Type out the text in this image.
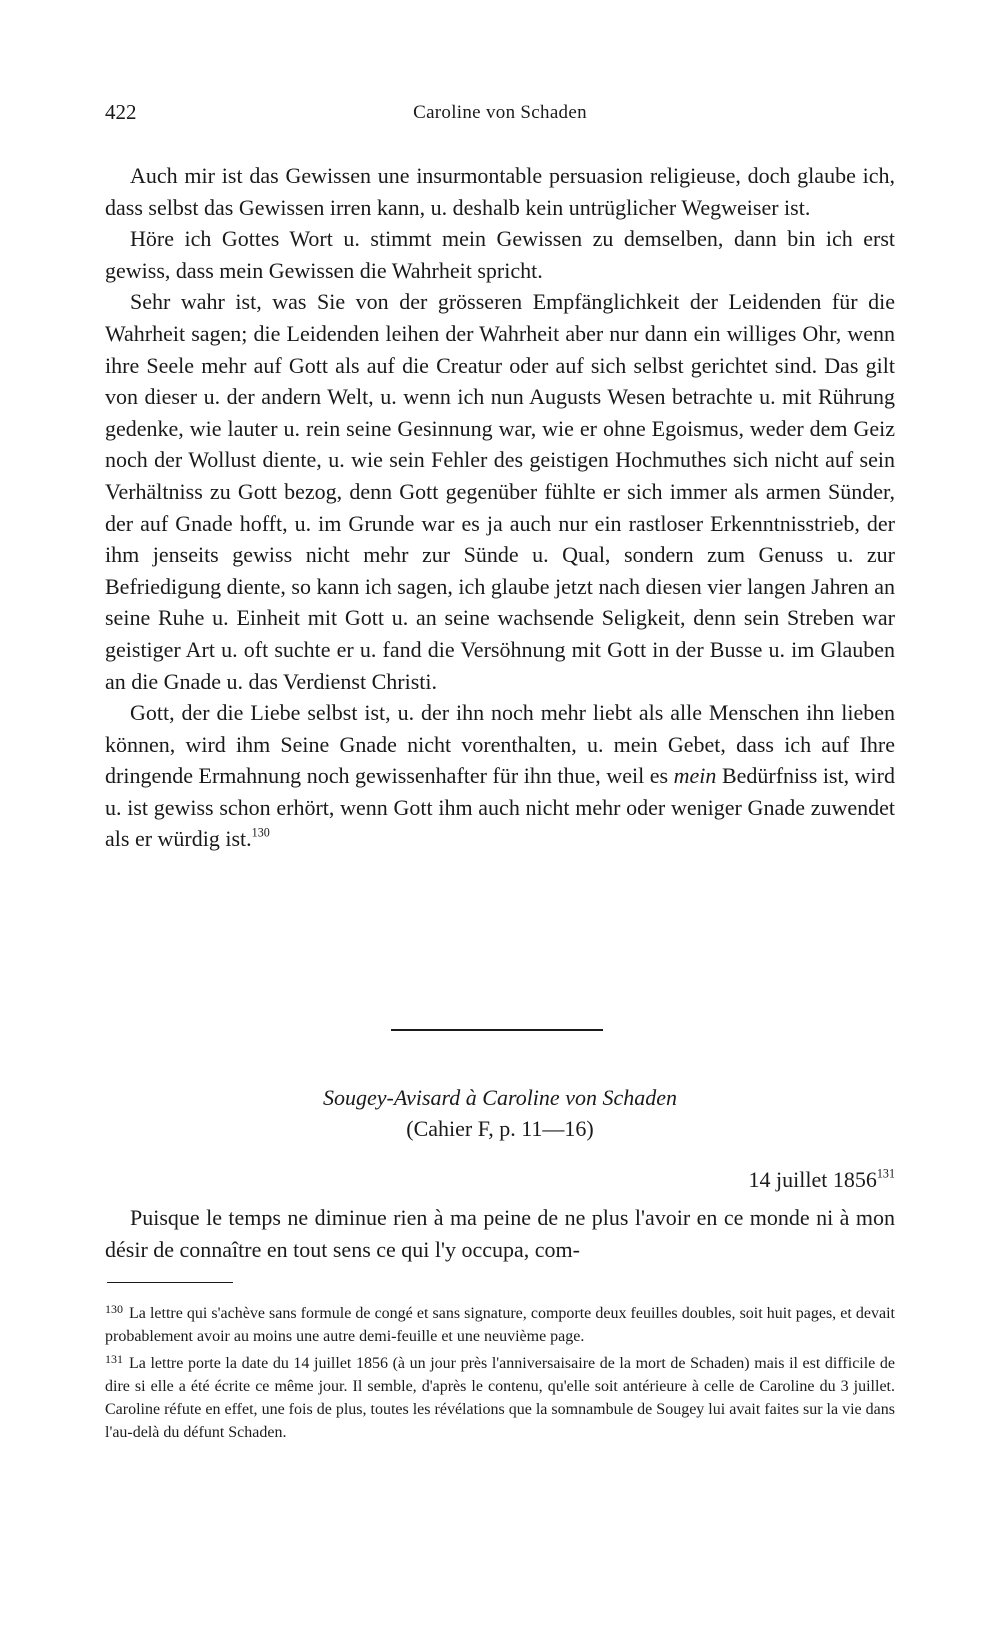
422	Caroline von Schaden

Auch mir ist das Gewissen une insurmontable persuasion religieuse, doch glaube ich, dass selbst das Gewissen irren kann, u. deshalb kein untrüglicher Wegweiser ist.

Höre ich Gottes Wort u. stimmt mein Gewissen zu demselben, dann bin ich erst gewiss, dass mein Gewissen die Wahrheit spricht.

Sehr wahr ist, was Sie von der grösseren Empfänglichkeit der Leidenden für die Wahrheit sagen; die Leidenden leihen der Wahrheit aber nur dann ein williges Ohr, wenn ihre Seele mehr auf Gott als auf die Creatur oder auf sich selbst gerichtet sind. Das gilt von dieser u. der andern Welt, u. wenn ich nun Augusts Wesen betrachte u. mit Rührung gedenke, wie lauter u. rein seine Gesinnung war, wie er ohne Egoismus, weder dem Geiz noch der Wollust diente, u. wie sein Fehler des geistigen Hochmuthes sich nicht auf sein Verhältniss zu Gott bezog, denn Gott gegenüber fühlte er sich immer als armen Sünder, der auf Gnade hofft, u. im Grunde war es ja auch nur ein rastloser Erkenntnisstrieb, der ihm jenseits gewiss nicht mehr zur Sünde u. Qual, sondern zum Genuss u. zur Befriedigung diente, so kann ich sagen, ich glaube jetzt nach diesen vier langen Jahren an seine Ruhe u. Einheit mit Gott u. an seine wachsende Seligkeit, denn sein Streben war geistiger Art u. oft suchte er u. fand die Versöhnung mit Gott in der Busse u. im Glauben an die Gnade u. das Verdienst Christi.

Gott, der die Liebe selbst ist, u. der ihn noch mehr liebt als alle Menschen ihn lieben können, wird ihm Seine Gnade nicht vorenthalten, u. mein Gebet, dass ich auf Ihre dringende Ermahnung noch gewissenhafter für ihn thue, weil es mein Bedürfniss ist, wird u. ist gewiss schon erhört, wenn Gott ihm auch nicht mehr oder weniger Gnade zuwendet als er würdig ist.$^{130}$

Sougey-Avisard à Caroline von Schaden
(Cahier F, p. 11—16)
14 juillet 1856$^{131}$

Puisque le temps ne diminue rien à ma peine de ne plus l'avoir en ce monde ni à mon désir de connaître en tout sens ce qui l'y occupa, com-

$^{130}$ La lettre qui s'achève sans formule de congé et sans signature, comporte deux feuilles doubles, soit huit pages, et devait probablement avoir au moins une autre demi-feuille et une neuvième page.

$^{131}$ La lettre porte la date du 14 juillet 1856 (à un jour près l'anniversaisaire de la mort de Schaden) mais il est difficile de dire si elle a été écrite ce même jour. Il semble, d'après le contenu, qu'elle soit antérieure à celle de Caroline du 3 juillet. Caroline réfute en effet, une fois de plus, toutes les révélations que la somnambule de Sougey lui avait faites sur la vie dans l'au-delà du défunt Schaden.
